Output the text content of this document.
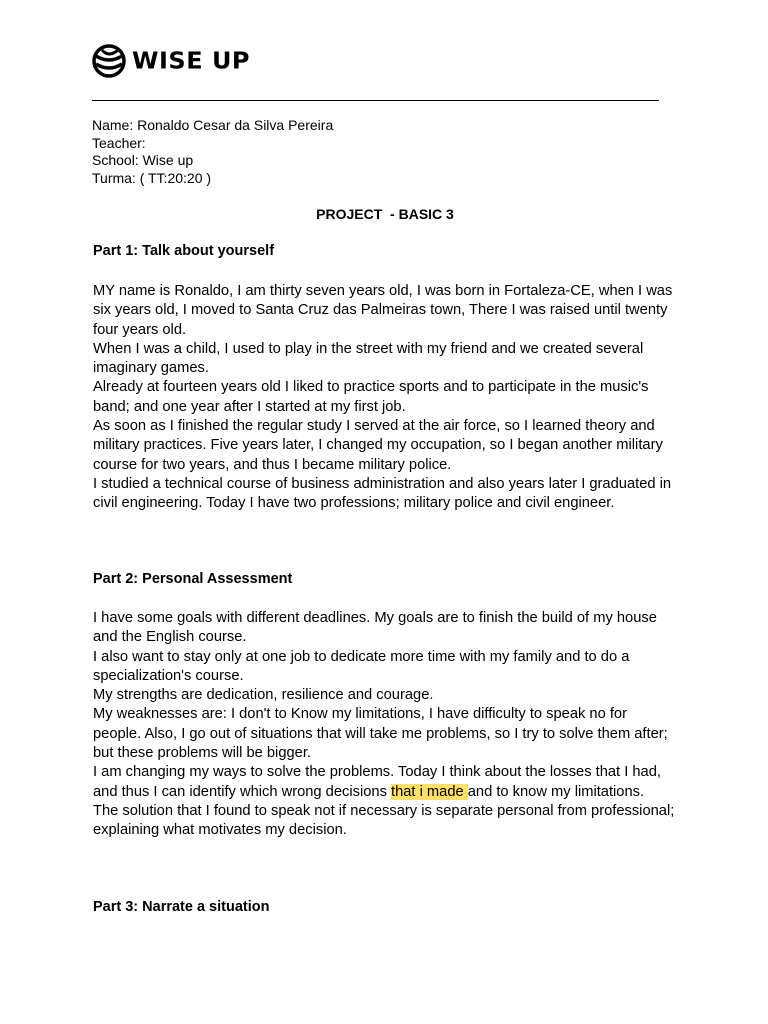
WISE UP
Name: Ronaldo Cesar da Silva Pereira
Teacher:
School: Wise up
Turma: ( TT:20:20 )
PROJECT  - BASIC 3
Part 1: Talk about yourself

MY name is Ronaldo, I am thirty seven years old, I was born in Fortaleza-CE, when I was six years old, I moved to Santa Cruz das Palmeiras town, There I was raised until twenty four years old.

When I was a child, I used to play in the street with my friend and we created several imaginary games.

Already at fourteen years old I liked to practice sports and to participate in the music's band; and one year after I started at my first job.

As soon as I finished the regular study I served at the air force, so I learned theory and military practices. Five years later, I changed my occupation, so I began another military course for two years, and thus I became military police.

I studied a technical course of business administration and also years later I graduated in civil engineering. Today I have two professions; military police and civil engineer.

Part 2: Personal Assessment

I have some goals with different deadlines. My goals are to finish the build of my house and the English course.

I also want to stay only at one job to dedicate more time with my family and to do a specialization's course.

My strengths are dedication, resilience and courage.

My weaknesses are: I don't to Know my limitations, I have difficulty to speak no for people. Also, I go out of situations that will take me problems, so I try to solve them after; but these problems will be bigger.

I am changing my ways to solve the problems. Today I think about the losses that I had, and thus I can identify which wrong decisions that i made and to know my limitations.

The solution that I found to speak not if necessary is separate personal from professional; explaining what motivates my decision.

Part 3: Narrate a situation
